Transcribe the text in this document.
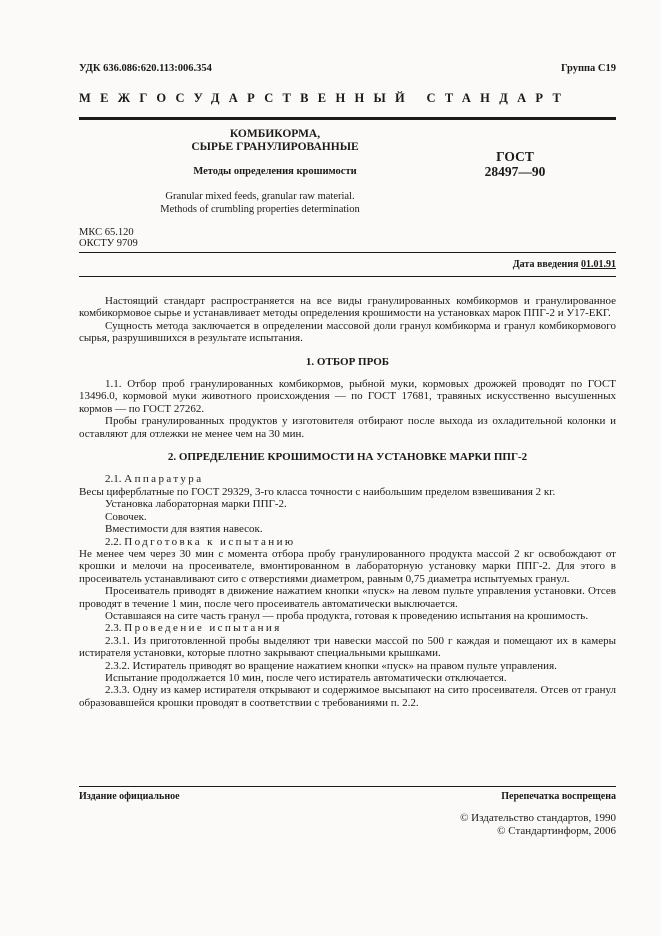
УДК 636.086:620.113:006.354	Группа С19
МЕЖГОСУДАРСТВЕННЫЙ СТАНДАРТ
КОМБИКОРМА,
СЫРЬЕ ГРАНУЛИРОВАННЫЕ
Методы определения крошимости
ГОСТ
28497—90
Granular mixed feeds, granular raw material.
Methods of crumbling properties determination
МКС 65.120
ОКСТУ 9709
Дата введения 01.01.91

Настоящий стандарт распространяется на все виды гранулированных комбикормов и гранулированное комбикормовое сырье и устанавливает методы определения крошимости на установках марок ППГ-2 и У17-ЕКГ.

Сущность метода заключается в определении массовой доли гранул комбикорма и гранул комбикормового сырья, разрушившихся в результате испытания.

1. ОТБОР ПРОБ

1.1. Отбор проб гранулированных комбикормов, рыбной муки, кормовых дрожжей проводят по ГОСТ 13496.0, кормовой муки животного происхождения — по ГОСТ 17681, травяных искусственно высушенных кормов — по ГОСТ 27262.

Пробы гранулированных продуктов у изготовителя отбирают после выхода из охладительной колонки и оставляют для отлежки не менее чем на 30 мин.

2. ОПРЕДЕЛЕНИЕ КРОШИМОСТИ НА УСТАНОВКЕ МАРКИ ППГ-2

2.1. Аппаратура

Весы циферблатные по ГОСТ 29329, 3-го класса точности с наибольшим пределом взвешивания 2 кг.

Установка лабораторная марки ППГ-2.

Совочек.

Вместимости для взятия навесок.

2.2. Подготовка к испытанию

Не менее чем через 30 мин с момента отбора пробу гранулированного продукта массой 2 кг освобождают от крошки и мелочи на просеивателе, вмонтированном в лабораторную установку марки ППГ-2. Для этого в просеиватель устанавливают сито с отверстиями диаметром, равным 0,75 диаметра испытуемых гранул.

Просеиватель приводят в движение нажатием кнопки «пуск» на левом пульте управления установки. Отсев проводят в течение 1 мин, после чего просеиватель автоматически выключается.

Оставшаяся на сите часть гранул — проба продукта, готовая к проведению испытания на крошимость.

2.3. Проведение испытания

2.3.1. Из приготовленной пробы выделяют три навески массой по 500 г каждая и помещают их в камеры истирателя установки, которые плотно закрывают специальными крышками.

2.3.2. Истиратель приводят во вращение нажатием кнопки «пуск» на правом пульте управления.

Испытание продолжается 10 мин, после чего истиратель автоматически отключается.

2.3.3. Одну из камер истирателя открывают и содержимое высыпают на сито просеивателя. Отсев от гранул образовавшейся крошки проводят в соответствии с требованиями п. 2.2.

Издание официальное	Перепечатка воспрещена
© Издательство стандартов, 1990
© Стандартинформ, 2006
